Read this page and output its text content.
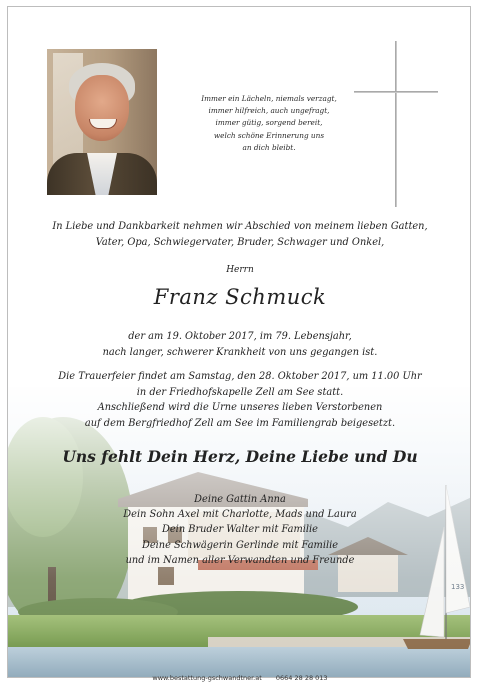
Immer ein Lächeln, niemals verzagt,
immer hilfreich, auch ungefragt,
immer gütig, sorgend bereit,
welch schöne Erinnerung uns
an dich bleibt.
In Liebe und Dankbarkeit nehmen wir Abschied von meinem lieben Gatten,
Vater, Opa, Schwiegervater, Bruder, Schwager und Onkel,
Herrn
Franz Schmuck
der am 19. Oktober 2017, im 79. Lebensjahr,
nach langer, schwerer Krankheit von uns gegangen ist.
Die Trauerfeier findet am Samstag, den 28. Oktober 2017, um 11.00 Uhr
in der Friedhofskapelle Zell am See statt.
Anschließend wird die Urne unseres lieben Verstorbenen
auf dem Bergfriedhof Zell am See im Familiengrab beigesetzt.
Uns fehlt Dein Herz, Deine Liebe und Du
Deine Gattin Anna
Dein Sohn Axel mit Charlotte, Mads und Laura
Dein Bruder Walter mit Familie
Deine Schwägerin Gerlinde mit Familie
und im Namen aller Verwandten und Freunde
www.bestattung-gschwandtner.at 0664 28 28 013
